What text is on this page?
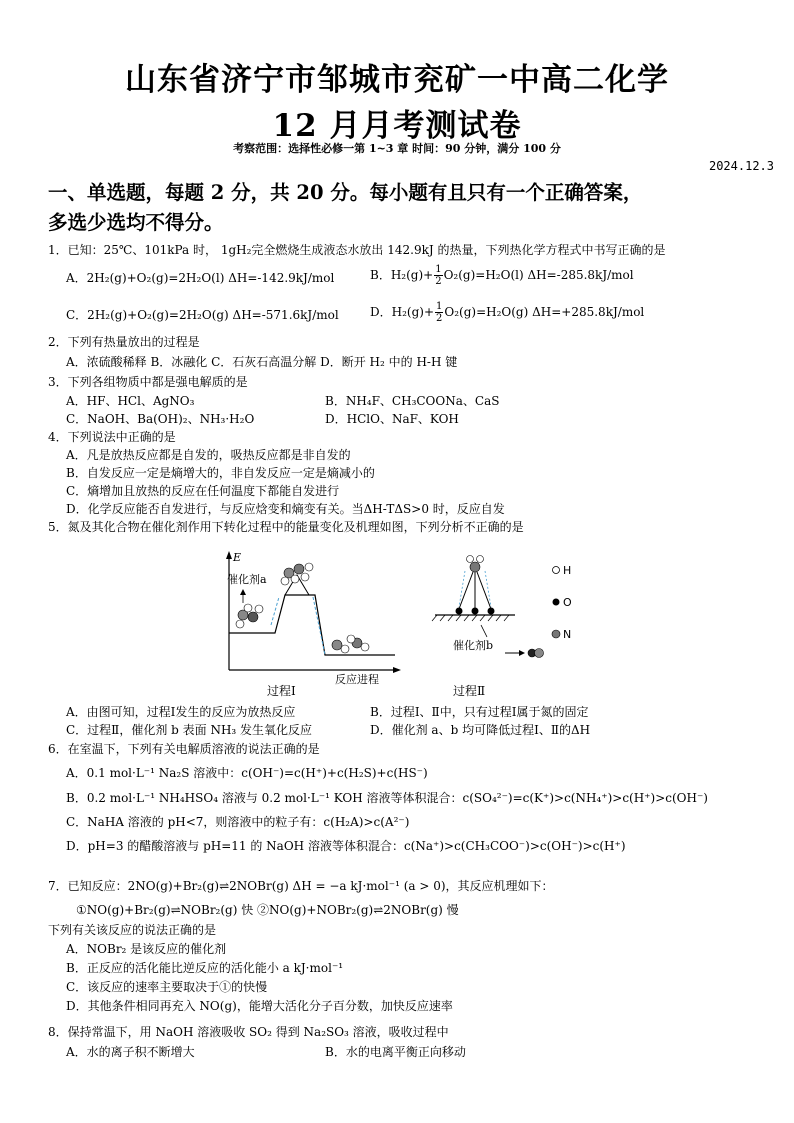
山东省济宁市邹城市兖矿一中高二化学
12 月月考测试卷
考察范围：选择性必修一第 1~3 章 时间：90 分钟，满分 100 分
2024.12.3
一、单选题，每题 2 分，共 20 分。每小题有且只有一个正确答案，
多选少选均不得分。
1．已知：25℃、101kPa 时， 1gH₂完全燃烧生成液态水放出 142.9kJ 的热量，下列热化学方程式中书写正确的是
A．2H₂(g)+O₂(g)=2H₂O(l) ΔH=-142.9kJ/mol	B．$H_2(g)+ \frac{1}{2} O_2(g)=H_2O(l)$ ΔH=-285.8kJ/mol
C．2H₂(g)+O₂(g)=2H₂O(g) ΔH=-571.6kJ/mol	D．$H_2(g)+ \frac{1}{2} O_2(g)=H_2O(g)$ ΔH=+285.8kJ/mol
2．下列有热量放出的过程是
A．浓硫酸稀释 B．冰融化 C．石灰石高温分解 D．断开 H₂ 中的 H-H 键
3．下列各组物质中都是强电解质的是
A．HF、HCl、AgNO₃	B．NH₄F、CH₃COONa、CaS
C．NaOH、Ba(OH)₂、NH₃·H₂O	D．HClO、NaF、KOH
4．下列说法中正确的是
A．凡是放热反应都是自发的，吸热反应都是非自发的
B．自发反应一定是熵增大的，非自发反应一定是熵减小的
C．熵增加且放热的反应在任何温度下都能自发进行
D．化学反应能否自发进行，与反应焓变和熵变有关。当ΔH-TΔS>0 时，反应自发
5．氮及其化合物在催化剂作用下转化过程中的能量变化及机理如图，下列分析不正确的是
E
催化剂a
反应进程
过程Ⅰ
催化剂b
过程Ⅱ
H
O
N
A．由图可知，过程Ⅰ发生的反应为放热反应	B．过程Ⅰ、Ⅱ中，只有过程Ⅰ属于氮的固定
C．过程Ⅱ，催化剂 b 表面 NH₃ 发生氧化反应	D．催化剂 a、b 均可降低过程Ⅰ、Ⅱ的ΔH
6．在室温下，下列有关电解质溶液的说法正确的是
A．0.1 mol·L⁻¹ Na₂S 溶液中：c(OH⁻)=c(H⁺)+c(H₂S)+c(HS⁻)
B．0.2 mol·L⁻¹ NH₄HSO₄ 溶液与 0.2 mol·L⁻¹ KOH 溶液等体积混合：c(SO₄²⁻)=c(K⁺)>c(NH₄⁺)>c(H⁺)>c(OH⁻)
C．NaHA 溶液的 pH<7，则溶液中的粒子有：c(H₂A)>c(A²⁻)
D．pH=3 的醋酸溶液与 pH=11 的 NaOH 溶液等体积混合：c(Na⁺)>c(CH₃COO⁻)>c(OH⁻)>c(H⁺)
7．已知反应：2NO(g)+Br₂(g)⇌2NOBr(g) ΔH = −a kJ·mol⁻¹ (a > 0)，其反应机理如下：
①NO(g)+Br₂(g)⇌NOBr₂(g) 快 ②NO(g)+NOBr₂(g)⇌2NOBr(g) 慢
下列有关该反应的说法正确的是
A．NOBr₂ 是该反应的催化剂
B．正反应的活化能比逆反应的活化能小 a kJ·mol⁻¹
C．该反应的速率主要取决于①的快慢
D．其他条件相同再充入 NO(g)，能增大活化分子百分数，加快反应速率
8．保持常温下，用 NaOH 溶液吸收 SO₂ 得到 Na₂SO₃ 溶液，吸收过程中
A．水的离子积不断增大	B．水的电离平衡正向移动
